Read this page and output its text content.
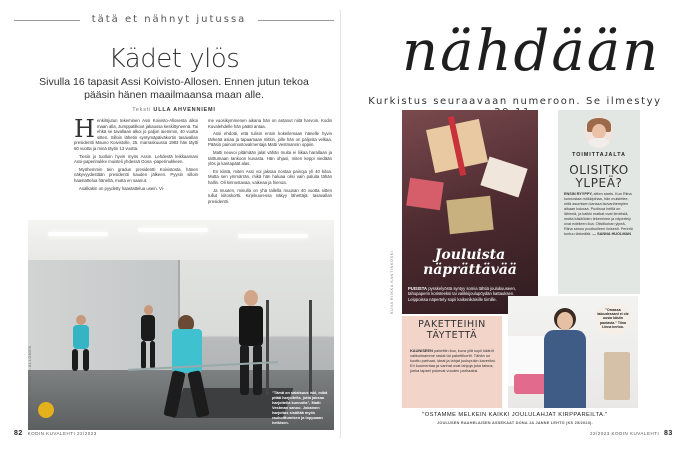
tätä et nähnyt jutussa
Kädet ylös
Sivulla 16 tapasit Assi Koivisto-Allosen. Ennen jutun tekoa pääsin hänen maailmaansa maan alle.
Teksti ULLA AHVENNIEMI
H enkilöjutun tekeminen Assi Koivisto-Allosesta alkoi maan alla, Jumppatilkoot jakaussa keskittyneenä. Tai ehkä se tavallaan alkoi jo paljon aiemmin, 40 vuotta sitten. Silloin lähetin syntymäpäiväkortin tasavallan presidentti Mauno Koivistolle, 25. marraskuussa 1983 hän täytti 60 vuotta ja minä täytin 13 vuotta.

Tiesin jo tuolloin hyvin myös Assin. Lehdestä leikkaamani Assi-paperinukke muisteli yhdessä Oona -paperinukkeen.

Myöhemmin tein gradun presidentti Koivistosta, hänen näkyvyydestään presidentti kauden jälkeen. Pyysin silloin haastattelua häneltä, mutta en saanut.

Asalkakin on pyydetty haastattelua usein. Vi-

me vuosikymmenen aikana hän on antanut niitä harvoin. Kodin Kuvalehdelle hän päätti antaa.

Assi ehdotti, että tulisin ensin kokeilemaan hänelle hyvin tärkeää asiaa ja tapaamaan mitkin, jolle hän on paljosta velkaa. Pääsin painonnostovalmentaja Matti Vestmannin oppiin.

Matti neuvoi pitämään jalat vähän muita ei liikaa harallaan ja tarttumaan tankoon kuvasta. Hän ohjasi, miten keppi viedään ylös ja kantapäät alas.

En kiistä, miten Assi voi jaksaa nostaa painoja yli 40 kiloa. Mutta sen ymmärrän, mikä hän haluaa olisi vain paluita tähän hallin. Oli kinnostavaa, vaikeaa ja hienoa.

Ja muuten, minulla on yhä tallella muusan 40 vuotta sitten tullut kiitoskortti. Kirjekuoressa näkyy lähettäjä: tasavallan presidentti.

"Tämä on salaisuus iski, mikä pitää harjoitella, jotta jaksaa harjoitella kunnolla", Matti Vestman sanoo. Jokainen harjoitus sisältää myös rauhoittumisen ja loppuaan hetkisen.
KUVA ASSI KOIVISTO-ALLONEN
82 KODIN KUVALEHTI 22/2023
nähdään
Kurkistus seuraavaan numeroon. Se ilmestyy
Jouluista näprättävää
PUISISTA pysskelyöstä syntyy somia tähtiä joulukuuseen, tahupaperin koristeeksi tai valikkijoulupöydän kattauksen. Leippoissa näpertely sopii kaikenikäisille tiimille.
KUVA RIIKKA KANTINKOSKI
TOIMITTAJALTA
OLISITKO YLPEÄ?
ENSIN RYYPPY, sitten starts. Kun Riina kunnostaa mökkipihaa, hän muistelee, mitä asumisen kanssa isovanhempien aikaan kokoaa. Puolisoa heillä on lähinnä, ja kaikki matkat ovat ilmeitsiä, mutta käsitöiden tekeminen ja näpertely ovat edelleen iloa. Olisitkohan ylpeä, Riina sanoo puolisolleen iloisesti. Perintö tuntuu tärkeältä. — SANNA HUOLMAN
PAKETTEIHIN TÄYTETTÄ
KAUNISEEN pakettiin iloa, kuva yllä sopii kääröt valikoimamme rasiat tai pakettikortti. Tähän on koottu parhaat, ideat ja lahjat joulupukin kaveriksi. Eri kuumentaa ja vanhat ovat lahjoja joka talous, jonka lapset pukevat vuoden parhaaksi.
"Omassa taloudessani ei ole uusia käsiin pantavia." Tiina Linna kertoo.
"OSTAMME MELKEIN KAIKKI JOULULAHJAT KIRPPAREILTA."
JOULUSEN RAAHELAISEN ASSEKAAT DONA JA JANNE LEHTO (KS 25/2023).
22/2023 KODIN KUVALEHTI 83
